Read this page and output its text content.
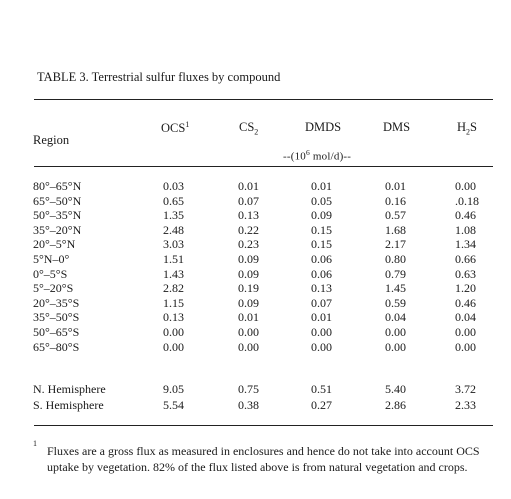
TABLE 3. Terrestrial sulfur fluxes by compound
Region
OCS$^1$	$CS_2$	DMDS	DMS	$H_2S$
$--(10^6$ mol/d)--
80°–65°N	0.03	0.01	0.01	0.01	0.00
65°–50°N	0.65	0.07	0.05	0.16	.0.18
50°–35°N	1.35	0.13	0.09	0.57	0.46
35°–20°N	2.48	0.22	0.15	1.68	1.08
20°–5°N	3.03	0.23	0.15	2.17	1.34
5°N–0°	1.51	0.09	0.06	0.80	0.66
0°–5°S	1.43	0.09	0.06	0.79	0.63
5°–20°S	2.82	0.19	0.13	1.45	1.20
20°–35°S	1.15	0.09	0.07	0.59	0.46
35°–50°S	0.13	0.01	0.01	0.04	0.04
50°–65°S	0.00	0.00	0.00	0.00	0.00
65°–80°S	0.00	0.00	0.00	0.00	0.00
N. Hemisphere	9.05	0.75	0.51	5.40	3.72
S. Hemisphere	5.54	0.38	0.27	2.86	2.33
1
Fluxes are a gross flux as measured in enclosures and hence do not take into account OCS uptake by vegetation. 82% of the flux listed above is from natural vegetation and crops.
